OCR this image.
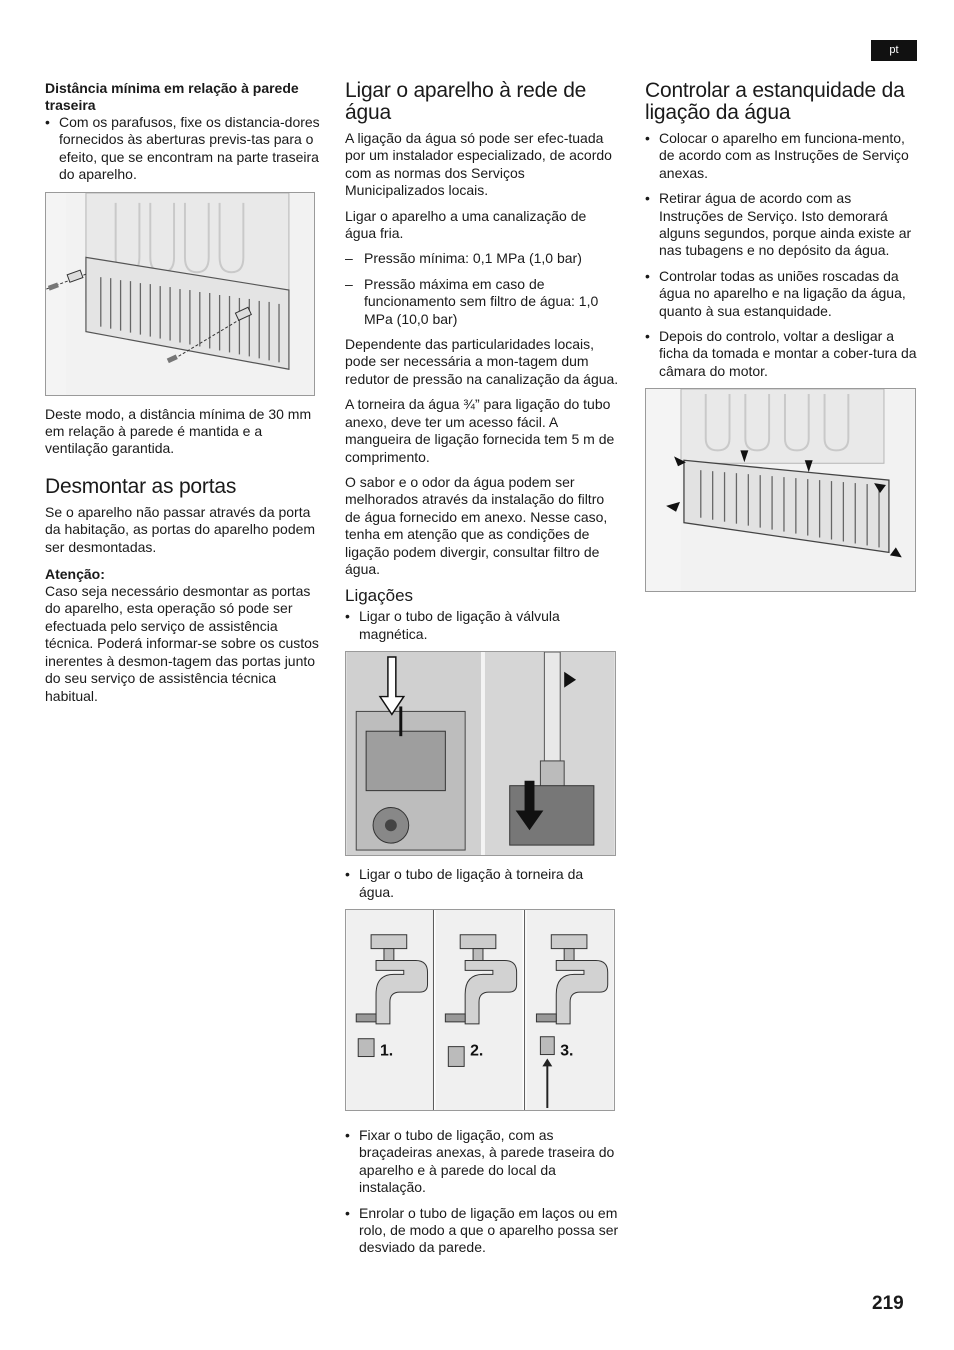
pt

Distância mínima em relação à parede traseira

• Com os parafusos, fixe os distancia-dores fornecidos às aberturas previs-tas para o efeito, que se encontram na parte traseira do aparelho.

Deste modo, a distância mínima de 30 mm em relação à parede é mantida e a ventilação garantida.

Desmontar as portas

Se o aparelho não passar através da porta da habitação, as portas do aparelho podem ser desmontadas.

Atenção:

Caso seja necessário desmontar as portas do aparelho, esta operação só pode ser efectuada pelo serviço de assistência técnica. Poderá informar-se sobre os custos inerentes à desmon-tagem das portas junto do seu serviço de assistência técnica habitual.

Ligar o aparelho à rede de água

A ligação da água só pode ser efec-tuada por um instalador especializado, de acordo com as normas dos Serviços Municipalizados locais.

Ligar o aparelho a uma canalização de água fria.

– Pressão mínima: 0,1 MPa (1,0 bar)
– Pressão máxima em caso de funcionamento sem filtro de água: 1,0 MPa (10,0 bar)

Dependente das particularidades locais, pode ser necessária a mon-tagem dum redutor de pressão na canalização da água.

A torneira da água ¾” para ligação do tubo anexo, deve ter um acesso fácil. A mangueira de ligação fornecida tem 5 m de comprimento.

O sabor e o odor da água podem ser melhorados através da instalação do filtro de água fornecido em anexo. Nesse caso, tenha em atenção que as condições de ligação podem divergir, consultar filtro de água.

Ligações
• Ligar o tubo de ligação à válvula magnética.
• Ligar o tubo de ligação à torneira da água.
1.	2.	3.
• Fixar o tubo de ligação, com as braçadeiras anexas, à parede traseira do aparelho e à parede do local da instalação.
• Enrolar o tubo de ligação em laços ou em rolo, de modo a que o aparelho possa ser desviado da parede.
Controlar a estanquidade da ligação da água
• Colocar o aparelho em funciona-mento, de acordo com as Instruções de Serviço anexas.
• Retirar água de acordo com as Instruções de Serviço. Isto demorará alguns segundos, porque ainda existe ar nas tubagens e no depósito da água.
• Controlar todas as uniões roscadas da água no aparelho e na ligação da água, quanto à sua estanquidade.
• Depois do controlo, voltar a desligar a ficha da tomada e montar a cober-tura da câmara do motor.
219
